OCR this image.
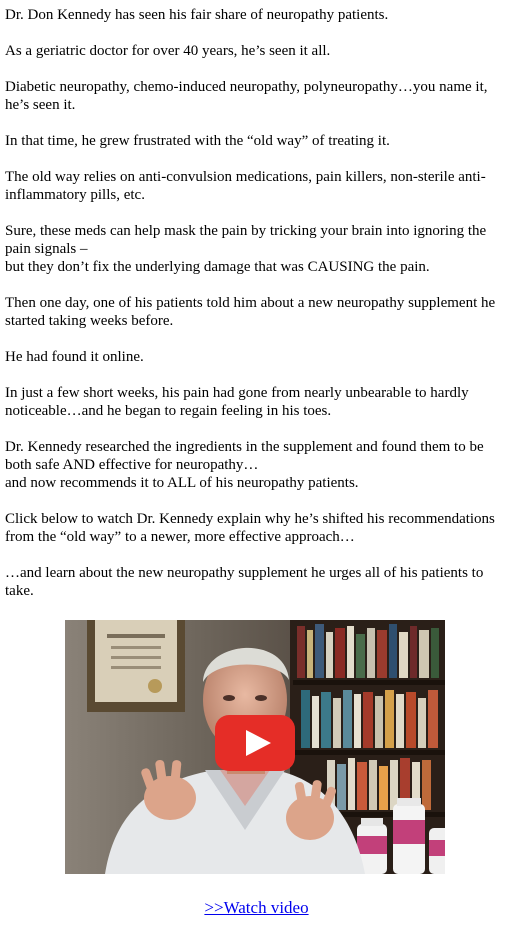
Dr. Don Kennedy has seen his fair share of neuropathy patients.

As a geriatric doctor for over 40 years, he’s seen it all.

Diabetic neuropathy, chemo-induced neuropathy, polyneuropathy…you name it, he’s seen it.

In that time, he grew frustrated with the “old way” of treating it.

The old way relies on anti-convulsion medications, pain killers, non-sterile anti-inflammatory pills, etc.

Sure, these meds can help mask the pain by tricking your brain into ignoring the pain signals –
but they don’t fix the underlying damage that was CAUSING the pain.

Then one day, one of his patients told him about a new neuropathy supplement he started taking weeks before.

He had found it online.

In just a few short weeks, his pain had gone from nearly unbearable to hardly noticeable…and he began to regain feeling in his toes.

Dr. Kennedy researched the ingredients in the supplement and found them to be both safe AND effective for neuropathy…
and now recommends it to ALL of his neuropathy patients.

Click below to watch Dr. Kennedy explain why he’s shifted his recommendations from the “old way” to a newer, more effective approach…

…and learn about the new neuropathy supplement he urges all of his patients to take.

>>Watch video
